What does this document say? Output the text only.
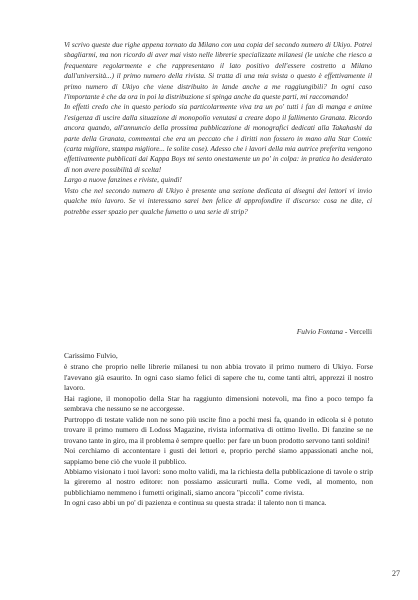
Vi scrivo queste due righe appena tornato da Milano con una copia del secondo numero di Ukiyo. Potrei sbagliarmi, ma non ricordo di aver mai visto nelle librerie specializzate milanesi (le uniche che riesco a frequentare regolarmente e che rappresentano il lato positivo dell'essere costretto a Milano dall'università...) il primo numero della rivista. Si tratta di una mia svista o questo è effettivamente il primo numero di Ukiyo che viene distribuito in lande anche a me raggiungibili? In ogni caso l'importante è che da ora in poi la distribuzione si spinga anche da queste parti, mi raccomando!

In effetti credo che in questo periodo sia particolarmente viva tra un po' tutti i fan di manga e anime l'esigenza di uscire dalla situazione di monopolio venutasi a creare dopo il fallimento Granata. Ricordo ancora quando, all'annuncio della prossima pubblicazione di monografici dedicati alla Takahashi da parte della Granata, commentai che era un peccato che i diritti non fossero in mano alla Star Comic (carta migliore, stampa migliore... le solite cose). Adesso che i lavori della mia autrice preferita vengono effettivamente pubblicati dai Kappa Boys mi sento onestamente un po' in colpa: in pratica ho desiderato di non avere possibilità di scelta!

Largo a nuove fanzines e riviste, quindi!

Visto che nel secondo numero di Ukiyo è presente una sezione dedicata ai disegni dei lettori vi invio qualche mio lavoro. Se vi interessano sarei ben felice di approfondire il discorso: cosa ne dite, ci potrebbe esser spazio per qualche fumetto o una serie di strip?

Fulvio Fontana - Vercelli

Carissimo Fulvio,

è strano che proprio nelle librerie milanesi tu non abbia trovato il primo numero di Ukiyo. Forse l'avevano già esaurito. In ogni caso siamo felici di sapere che tu, come tanti altri, apprezzi il nostro lavoro.

Hai ragione, il monopolio della Star ha raggiunto dimensioni notevoli, ma fino a poco tempo fa sembrava che nessuno se ne accorgesse.

Purtroppo di testate valide non ne sono più uscite fino a pochi mesi fa, quando in edicola si è potuto trovare il primo numero di Lodoss Magazine, rivista informativa di ottimo livello. Di fanzine se ne trovano tante in giro, ma il problema è sempre quello: per fare un buon prodotto servono tanti soldini!

Noi cerchiamo di accontentare i gusti dei lettori e, proprio perché siamo appassionati anche noi, sappiamo bene ciò che vuole il pubblico.

Abbiamo visionato i tuoi lavori: sono molto validi, ma la richiesta della pubblicazione di tavole o strip la gireremo al nostro editore: non possiamo assicurarti nulla. Come vedi, al momento, non pubblichiamo nemmeno i fumetti originali, siamo ancora "piccoli" come rivista.

In ogni caso abbi un po' di pazienza e continua su questa strada: il talento non ti manca.

27
